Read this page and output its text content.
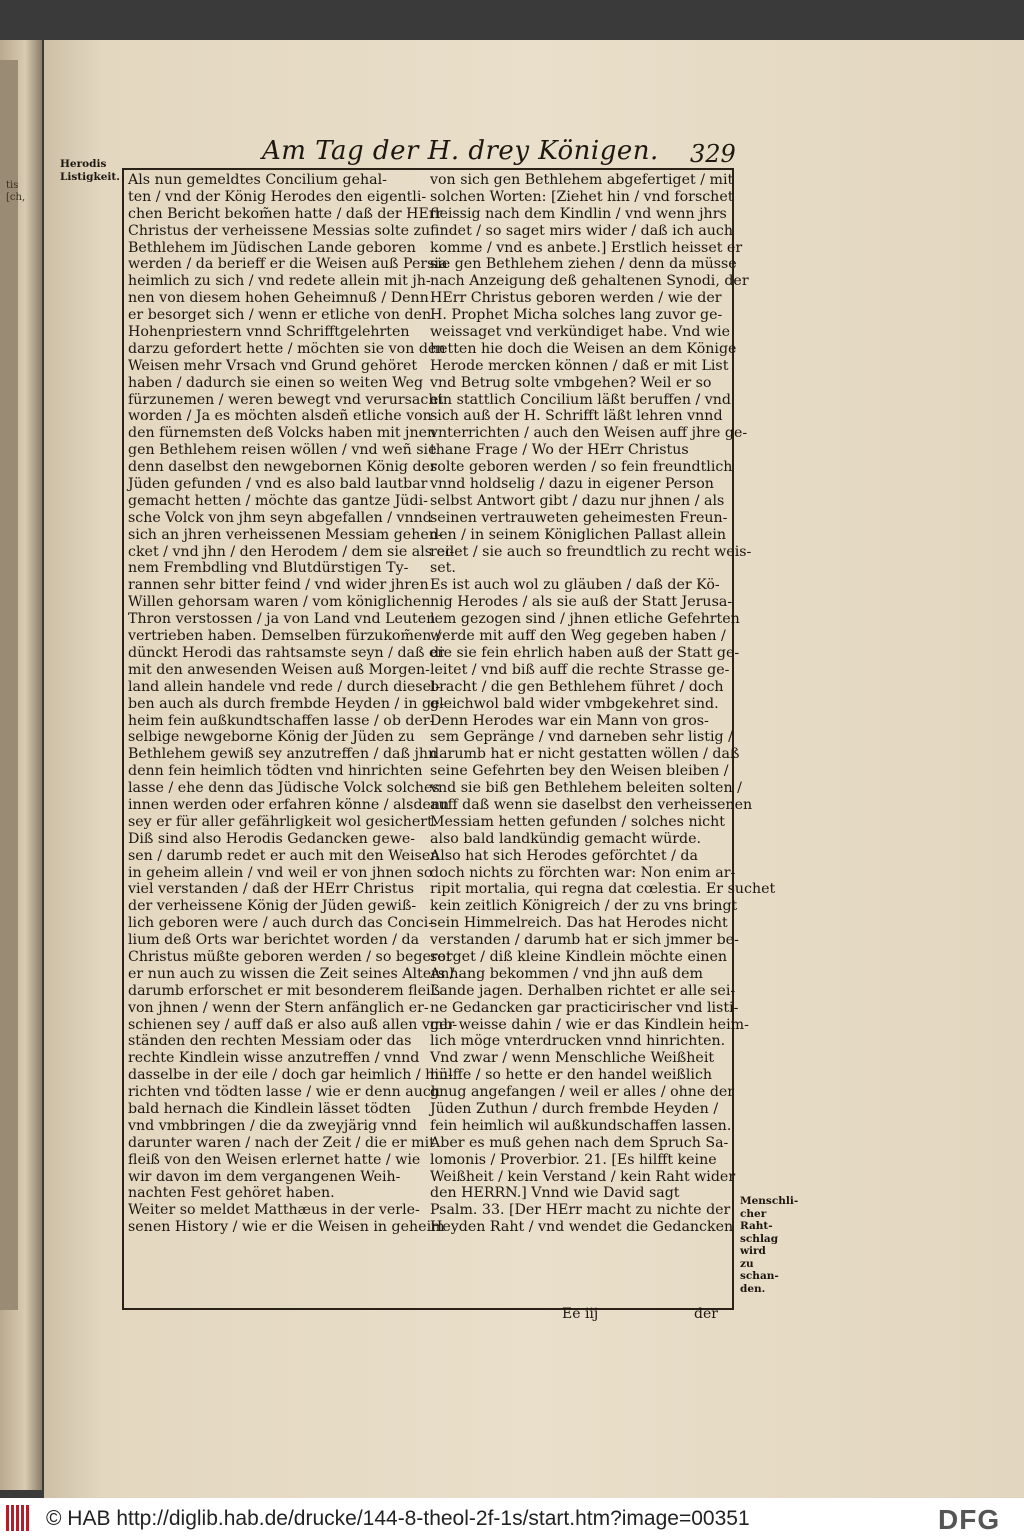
tis
[ch,
Am Tag der H. drey Königen. 329
Herodis
Listigkeit. Als nun gemeldtes Concilium gehal-
ten / vnd der König Herodes den eigentli-
chen Bericht bekom̃en hatte / daß der HErr
Christus der verheissene Messias solte zu
Bethlehem im Jüdischen Lande geboren
werden / da berieff er die Weisen auß Persia
heimlich zu sich / vnd redete allein mit jh-
nen von diesem hohen Geheimnuß / Denn
er besorget sich / wenn er etliche von den
Hohenpriestern vnnd Schrifftgelehrten
darzu gefordert hette / möchten sie von den
Weisen mehr Vrsach vnd Grund gehöret
haben / dadurch sie einen so weiten Weg
fürzunemen / weren bewegt vnd verursacht
worden / Ja es möchten alsdeñ etliche von
den fürnemsten deß Volcks haben mit jnen
gen Bethlehem reisen wöllen / vnd weñ sie
denn daselbst den newgebornen König der
Jüden gefunden / vnd es also bald lautbar
gemacht hetten / möchte das gantze Jüdi-
sche Volck von jhm seyn abgefallen / vnnd
sich an jhren verheissenen Messiam gehen-
cket / vnd jhn / den Herodem / dem sie als ei-
nem Frembdling vnd Blutdürstigen Ty-
rannen sehr bitter feind / vnd wider jhren
Willen gehorsam waren / vom königlichen
Thron verstossen / ja von Land vnd Leuten
vertrieben haben. Demselben fürzukom̃en /
dünckt Herodi das rahtsamste seyn / daß er
mit den anwesenden Weisen auß Morgen-
land allein handele vnd rede / durch diesel-
ben auch als durch frembde Heyden / in ge-
heim fein außkundtschaffen lasse / ob der-
selbige newgeborne König der Jüden zu
Bethlehem gewiß sey anzutreffen / daß jhn
denn fein heimlich tödten vnd hinrichten
lasse / ehe denn das Jüdische Volck solches
innen werden oder erfahren könne / alsdenn
sey er für aller gefährligkeit wol gesichert.
Diß sind also Herodis Gedancken gewe-
sen / darumb redet er auch mit den Weisen
in geheim allein / vnd weil er von jhnen so
viel verstanden / daß der HErr Christus
der verheissene König der Jüden gewiß-
lich geboren were / auch durch das Conci-
lium deß Orts war berichtet worden / da
Christus müßte geboren werden / so begeret
er nun auch zu wissen die Zeit seines Alters /
darumb erforschet er mit besonderem fleiß
von jhnen / wenn der Stern anfänglich er-
schienen sey / auff daß er also auß allen vmb-
ständen den rechten Messiam oder das
rechte Kindlein wisse anzutreffen / vnnd
dasselbe in der eile / doch gar heimlich / hin-
richten vnd tödten lasse / wie er denn auch
bald hernach die Kindlein lässet tödten
vnd vmbbringen / die da zweyjärig vnnd
darunter waren / nach der Zeit / die er mit
fleiß von den Weisen erlernet hatte / wie
wir davon im dem vergangenen Weih-
nachten Fest gehöret haben.
Weiter so meldet Matthæus in der verle-
senen History / wie er die Weisen in geheim
von sich gen Bethlehem abgefertiget / mit
solchen Worten: [Ziehet hin / vnd forschet
fleissig nach dem Kindlin / vnd wenn jhrs
findet / so saget mirs wider / daß ich auch
komme / vnd es anbete.] Erstlich heisset er
sie gen Bethlehem ziehen / denn da müsse
nach Anzeigung deß gehaltenen Synodi, der
HErr Christus geboren werden / wie der
H. Prophet Micha solches lang zuvor ge-
weissaget vnd verkündiget habe. Vnd wie
hetten hie doch die Weisen an dem Könige
Herode mercken können / daß er mit List
vnd Betrug solte vmbgehen? Weil er so
ein stattlich Concilium läßt beruffen / vnd
sich auß der H. Schrifft läßt lehren vnnd
vnterrichten / auch den Weisen auff jhre ge-
thane Frage / Wo der HErr Christus
solte geboren werden / so fein freundtlich
vnnd holdselig / dazu in eigener Person
selbst Antwort gibt / dazu nur jhnen / als
seinen vertrauweten geheimesten Freun-
den / in seinem Königlichen Pallast allein
redet / sie auch so freundtlich zu recht weis-
set.
Es ist auch wol zu gläuben / daß der Kö-
nig Herodes / als sie auß der Statt Jerusa-
lem gezogen sind / jhnen etliche Gefehrten
werde mit auff den Weg gegeben haben /
die sie fein ehrlich haben auß der Statt ge-
leitet / vnd biß auff die rechte Strasse ge-
bracht / die gen Bethlehem führet / doch
gleichwol bald wider vmbgekehret sind.
Denn Herodes war ein Mann von gros-
sem Gepränge / vnd darneben sehr listig /
darumb hat er nicht gestatten wöllen / daß
seine Gefehrten bey den Weisen bleiben /
vnd sie biß gen Bethlehem beleiten solten /
auff daß wenn sie daselbst den verheissenen
Messiam hetten gefunden / solches nicht
also bald landkündig gemacht würde.
Also hat sich Herodes geförchtet / da
doch nichts zu förchten war: Non enim ar-
ripit mortalia, qui regna dat cœlestia. Er suchet
kein zeitlich Königreich / der zu vns bringt
sein Himmelreich. Das hat Herodes nicht
verstanden / darumb hat er sich jmmer be-
sorget / diß kleine Kindlein möchte einen
Anhang bekommen / vnd jhn auß dem
Lande jagen. Derhalben richtet er alle sei-
ne Gedancken gar practicirischer vnd listi-
ger weisse dahin / wie er das Kindlein heim-
lich möge vnterdrucken vnnd hinrichten.
Vnd zwar / wenn Menschliche Weißheit
hülffe / so hette er den handel weißlich
gnug angefangen / weil er alles / ohne der
Jüden Zuthun / durch frembde Heyden /
fein heimlich wil außkundschaffen lassen.
Aber es muß gehen nach dem Spruch Sa-
lomonis / Proverbior. 21. [Es hilfft keine
Weißheit / kein Verstand / kein Raht wider
den HERRN.] Vnnd wie David sagt
Psalm. 33. [Der HErr macht zu nichte der
Heyden Raht / vnd wendet die Gedancken
Menschli-
cher Raht-
schlag wird
zu schan-
den.
Ee iij	der
© HAB http://diglib.hab.de/drucke/144-8-theol-2f-1s/start.htm?image=00351	DFG
